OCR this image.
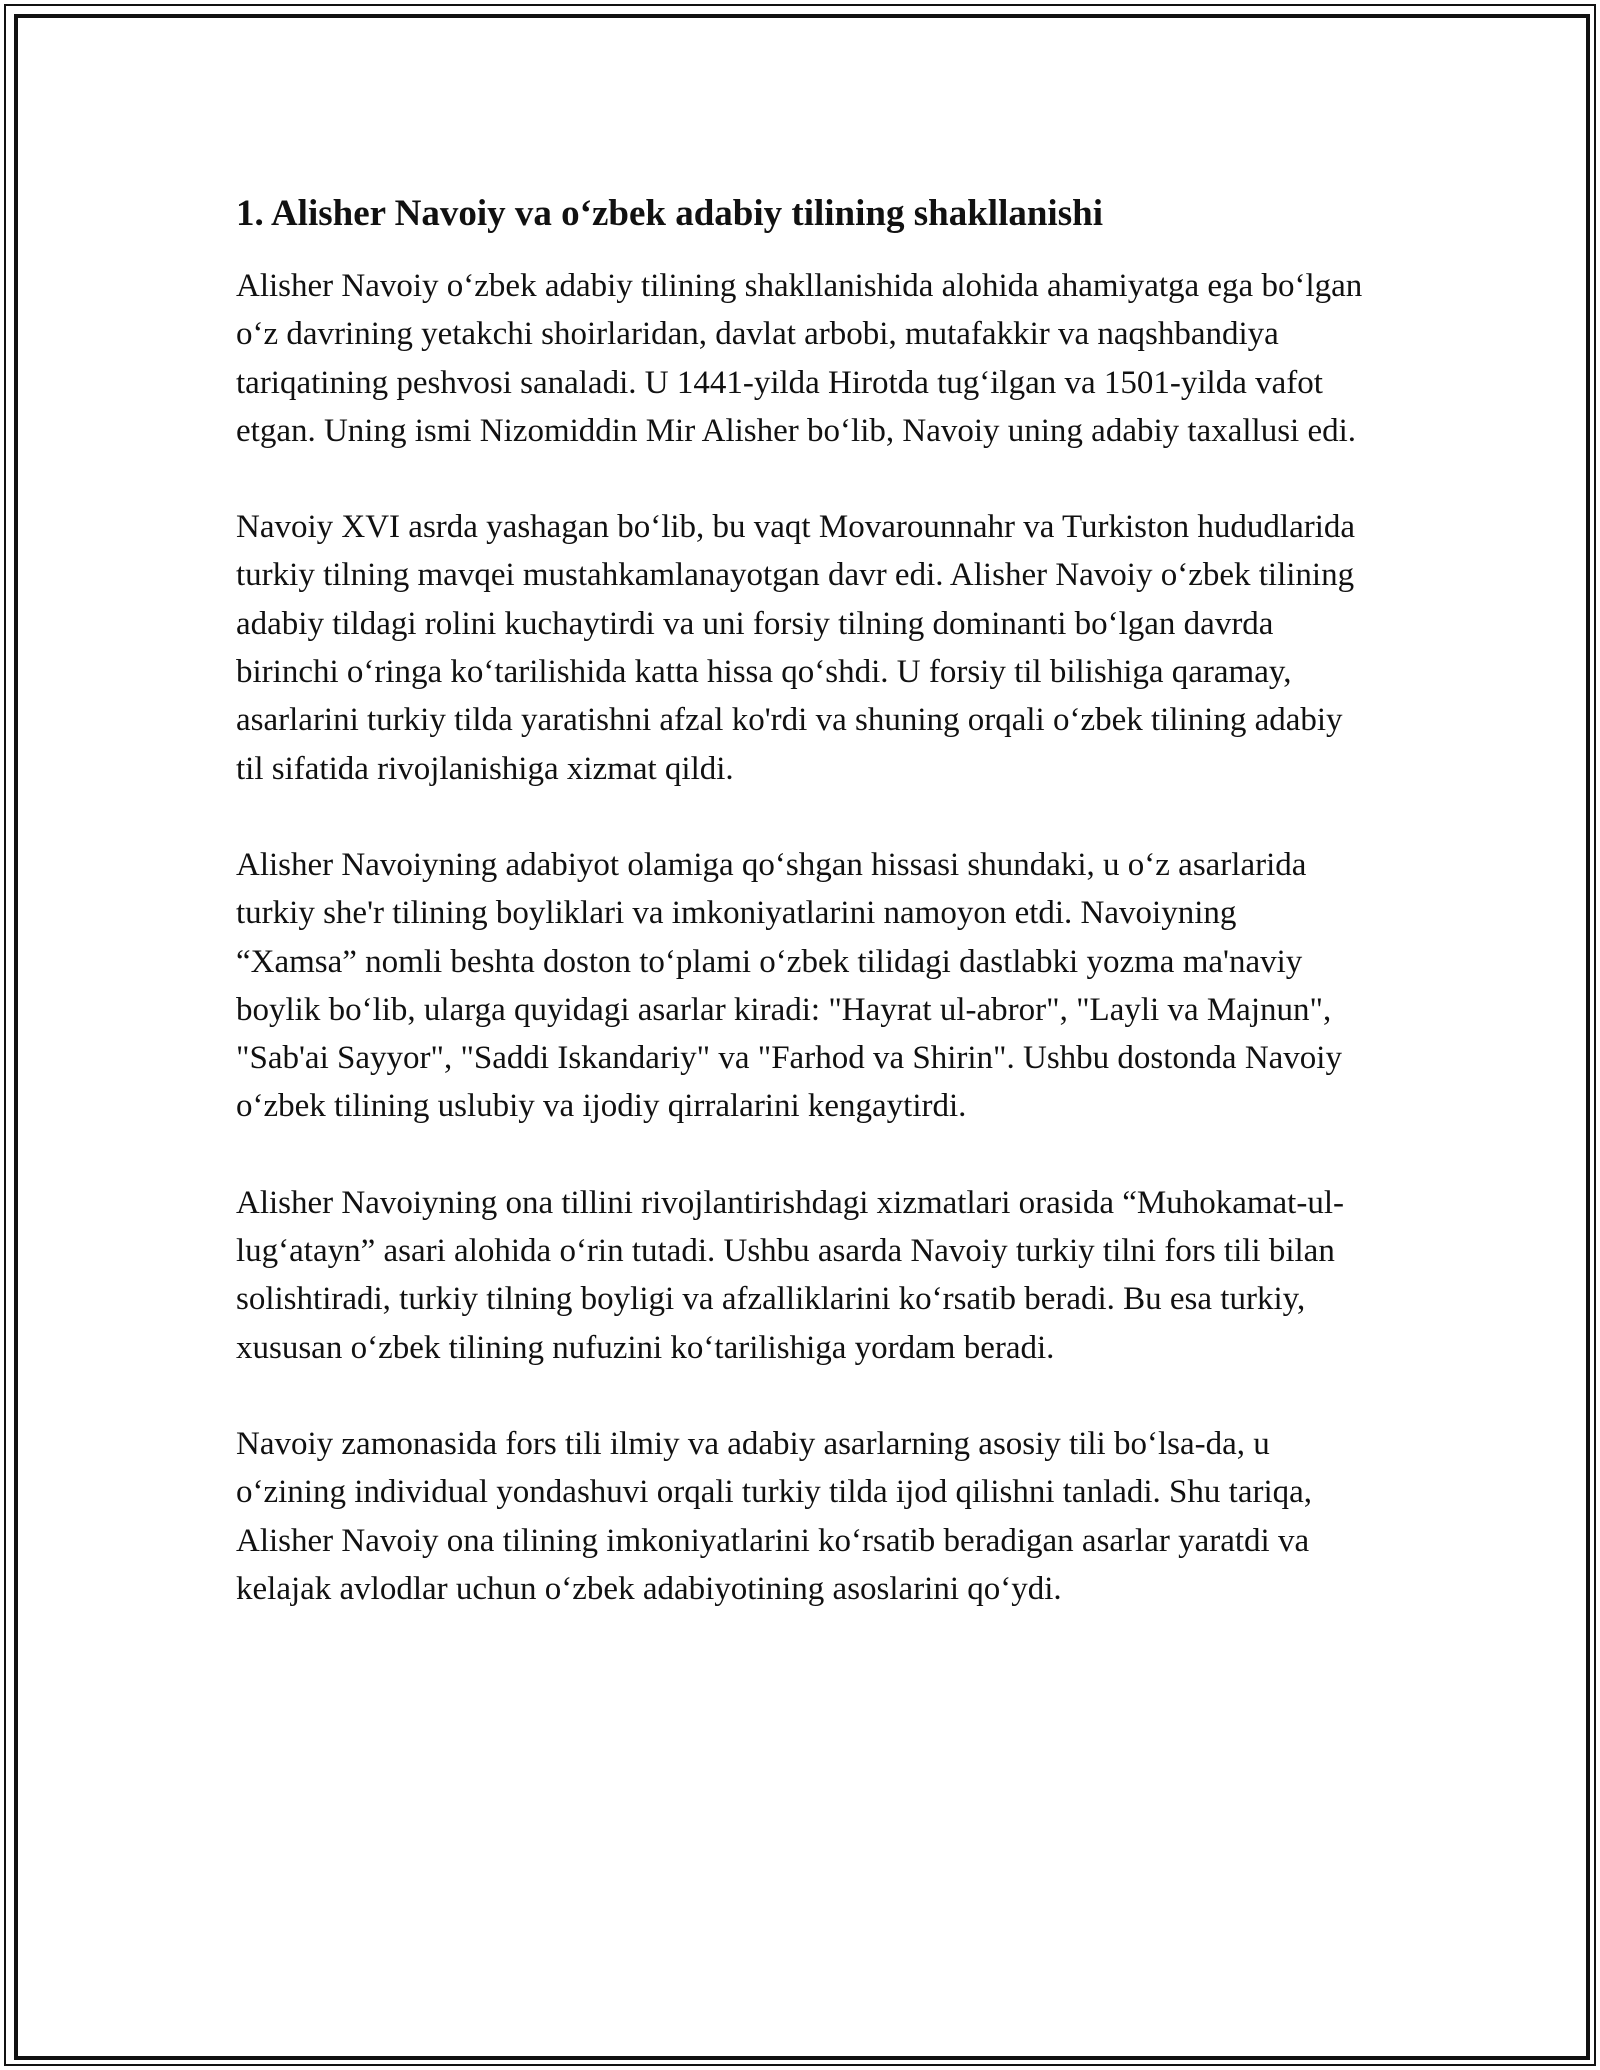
1. Alisher Navoiy va o‘zbek adabiy tilining shakllanishi

Alisher Navoiy o‘zbek adabiy tilining shakllanishida alohida ahamiyatga ega bo‘lgan o‘z davrining yetakchi shoirlaridan, davlat arbobi, mutafakkir va naqshbandiya tariqatining peshvosi sanaladi. U 1441-yilda Hirotda tug‘ilgan va 1501-yilda vafot etgan. Uning ismi Nizomiddin Mir Alisher bo‘lib, Navoiy uning adabiy taxallusi edi.

Navoiy XVI asrda yashagan bo‘lib, bu vaqt Movarounnahr va Turkiston hududlarida turkiy tilning mavqei mustahkamlanayotgan davr edi. Alisher Navoiy o‘zbek tilining adabiy tildagi rolini kuchaytirdi va uni forsiy tilning dominanti bo‘lgan davrda birinchi o‘ringa ko‘tarilishida katta hissa qo‘shdi. U forsiy til bilishiga qaramay, asarlarini turkiy tilda yaratishni afzal ko'rdi va shuning orqali o‘zbek tilining adabiy til sifatida rivojlanishiga xizmat qildi.

Alisher Navoiyning adabiyot olamiga qo‘shgan hissasi shundaki, u o‘z asarlarida turkiy she'r tilining boyliklari va imkoniyatlarini namoyon etdi. Navoiyning “Xamsa” nomli beshta doston to‘plami o‘zbek tilidagi dastlabki yozma ma'naviy boylik bo‘lib, ularga quyidagi asarlar kiradi: "Hayrat ul-abror", "Layli va Majnun", "Sab'ai Sayyor", "Saddi Iskandariy" va "Farhod va Shirin". Ushbu dostonda Navoiy o‘zbek tilining uslubiy va ijodiy qirralarini kengaytirdi.

Alisher Navoiyning ona tillini rivojlantirishdagi xizmatlari orasida “Muhokamat-ul-lug‘atayn” asari alohida o‘rin tutadi. Ushbu asarda Navoiy turkiy tilni fors tili bilan solishtiradi, turkiy tilning boyligi va afzalliklarini ko‘rsatib beradi. Bu esa turkiy, xususan o‘zbek tilining nufuzini ko‘tarilishiga yordam beradi.

Navoiy zamonasida fors tili ilmiy va adabiy asarlarning asosiy tili bo‘lsa-da, u o‘zining individual yondashuvi orqali turkiy tilda ijod qilishni tanladi. Shu tariqa, Alisher Navoiy ona tilining imkoniyatlarini ko‘rsatib beradigan asarlar yaratdi va kelajak avlodlar uchun o‘zbek adabiyotining asoslarini qo‘ydi.
